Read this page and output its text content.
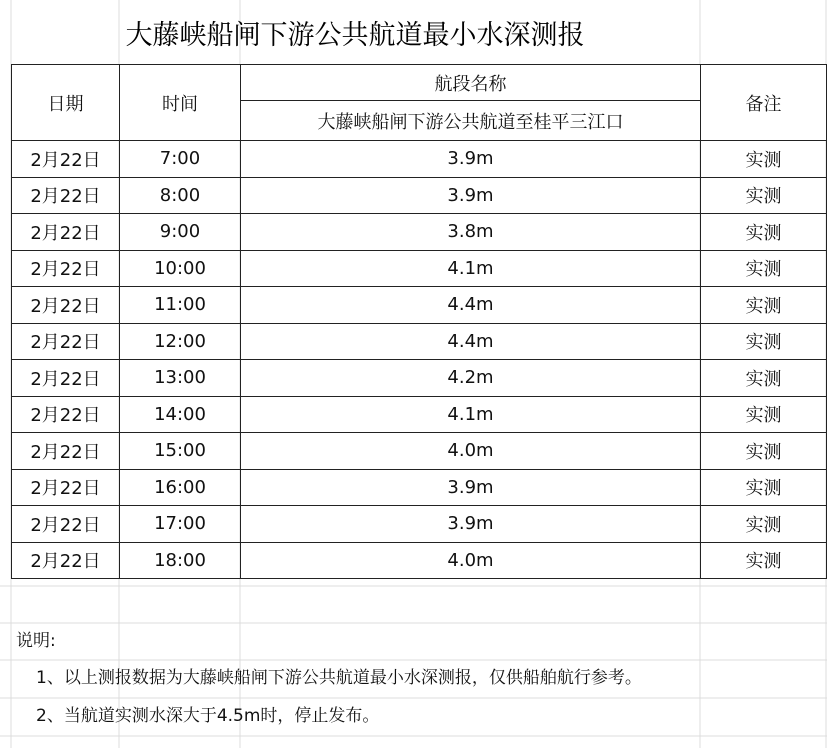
大藤峡船闸下游公共航道最小水深测报
日期	时间	航段名称	备注
		大藤峡船闸下游公共航道至桂平三江口	
2月22日	7:00	3.9m	实测
2月22日	8:00	3.9m	实测
2月22日	9:00	3.8m	实测
2月22日	10:00	4.1m	实测
2月22日	11:00	4.4m	实测
2月22日	12:00	4.4m	实测
2月22日	13:00	4.2m	实测
2月22日	14:00	4.1m	实测
2月22日	15:00	4.0m	实测
2月22日	16:00	3.9m	实测
2月22日	17:00	3.9m	实测
2月22日	18:00	4.0m	实测
说明:
1、以上测报数据为大藤峡船闸下游公共航道最小水深测报，仅供船舶航行参考。
2、当航道实测水深大于4.5m时，停止发布。
